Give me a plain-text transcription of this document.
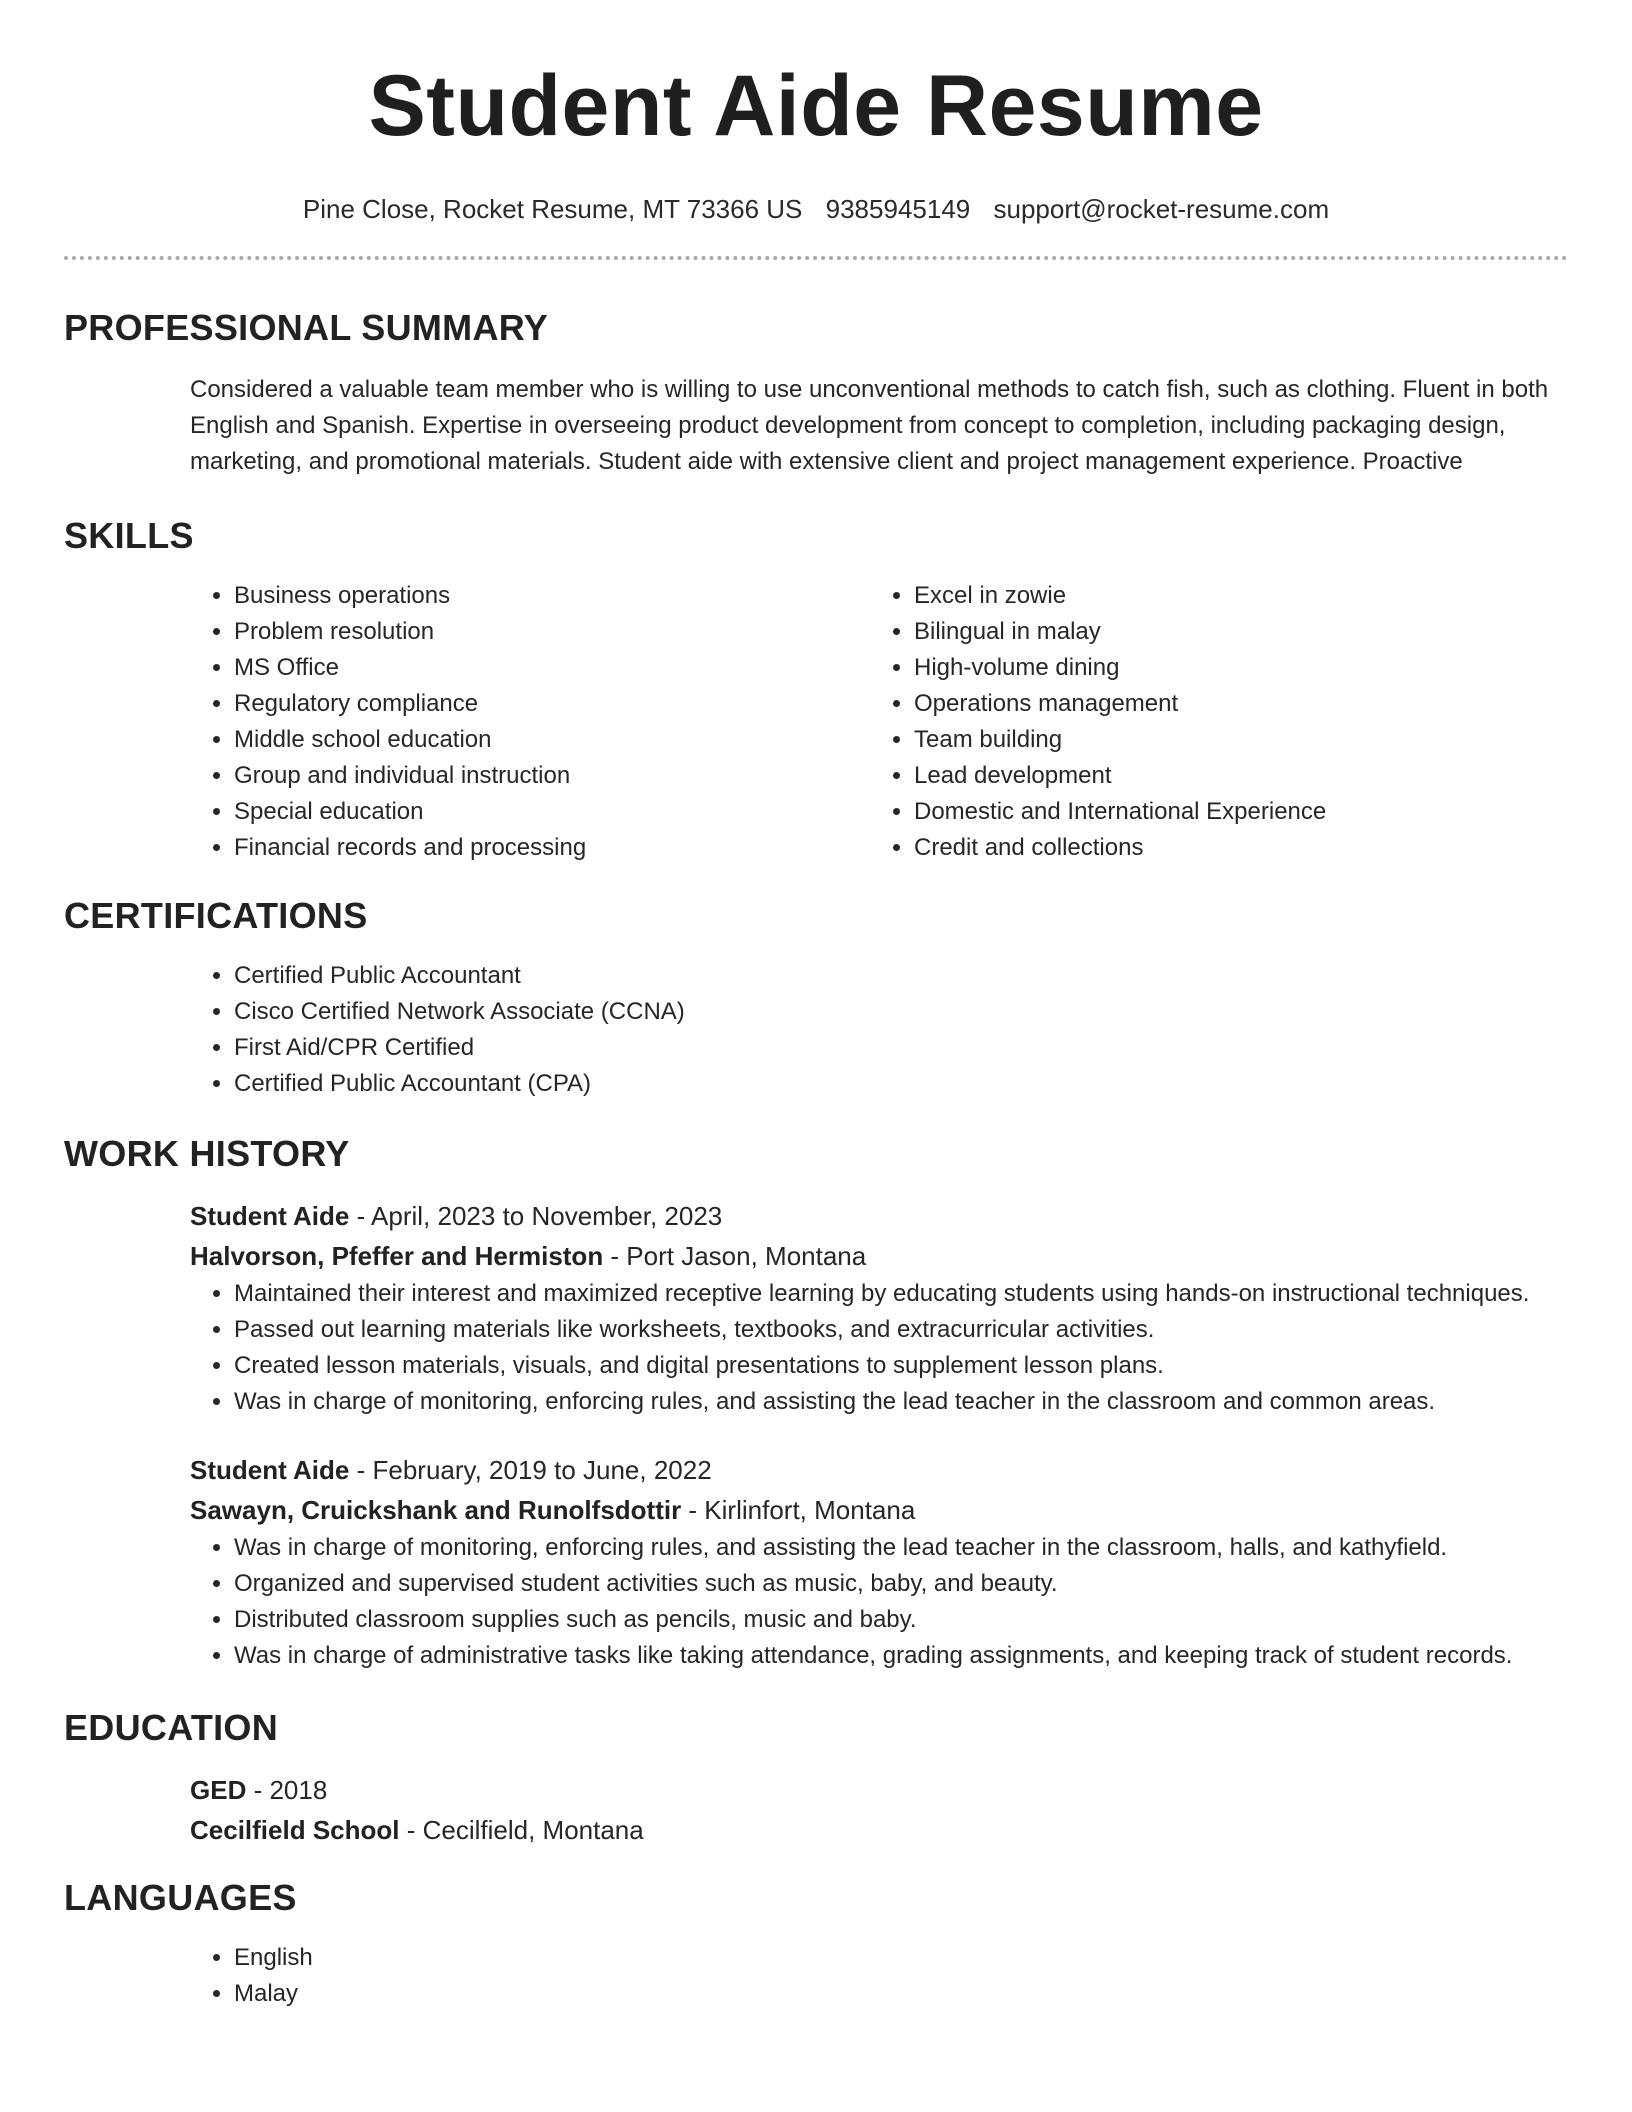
Student Aide Resume
Pine Close, Rocket Resume, MT 73366 US 9385945149 support@rocket-resume.com
PROFESSIONAL SUMMARY
Considered a valuable team member who is willing to use unconventional methods to catch fish, such as clothing. Fluent in both English and Spanish. Expertise in overseeing product development from concept to completion, including packaging design, marketing, and promotional materials. Student aide with extensive client and project management experience. Proactive
SKILLS
• Business operations
• Problem resolution
• MS Office
• Regulatory compliance
• Middle school education
• Group and individual instruction
• Special education
• Financial records and processing
• Excel in zowie
• Bilingual in malay
• High-volume dining
• Operations management
• Team building
• Lead development
• Domestic and International Experience
• Credit and collections
CERTIFICATIONS
• Certified Public Accountant
• Cisco Certified Network Associate (CCNA)
• First Aid/CPR Certified
• Certified Public Accountant (CPA)
WORK HISTORY
Student Aide - April, 2023 to November, 2023
Halvorson, Pfeffer and Hermiston - Port Jason, Montana
• Maintained their interest and maximized receptive learning by educating students using hands-on instructional techniques.
• Passed out learning materials like worksheets, textbooks, and extracurricular activities.
• Created lesson materials, visuals, and digital presentations to supplement lesson plans.
• Was in charge of monitoring, enforcing rules, and assisting the lead teacher in the classroom and common areas.
Student Aide - February, 2019 to June, 2022
Sawayn, Cruickshank and Runolfsdottir - Kirlinfort, Montana
• Was in charge of monitoring, enforcing rules, and assisting the lead teacher in the classroom, halls, and kathyfield.
• Organized and supervised student activities such as music, baby, and beauty.
• Distributed classroom supplies such as pencils, music and baby.
• Was in charge of administrative tasks like taking attendance, grading assignments, and keeping track of student records.
EDUCATION
GED - 2018
Cecilfield School - Cecilfield, Montana
LANGUAGES
• English
• Malay
